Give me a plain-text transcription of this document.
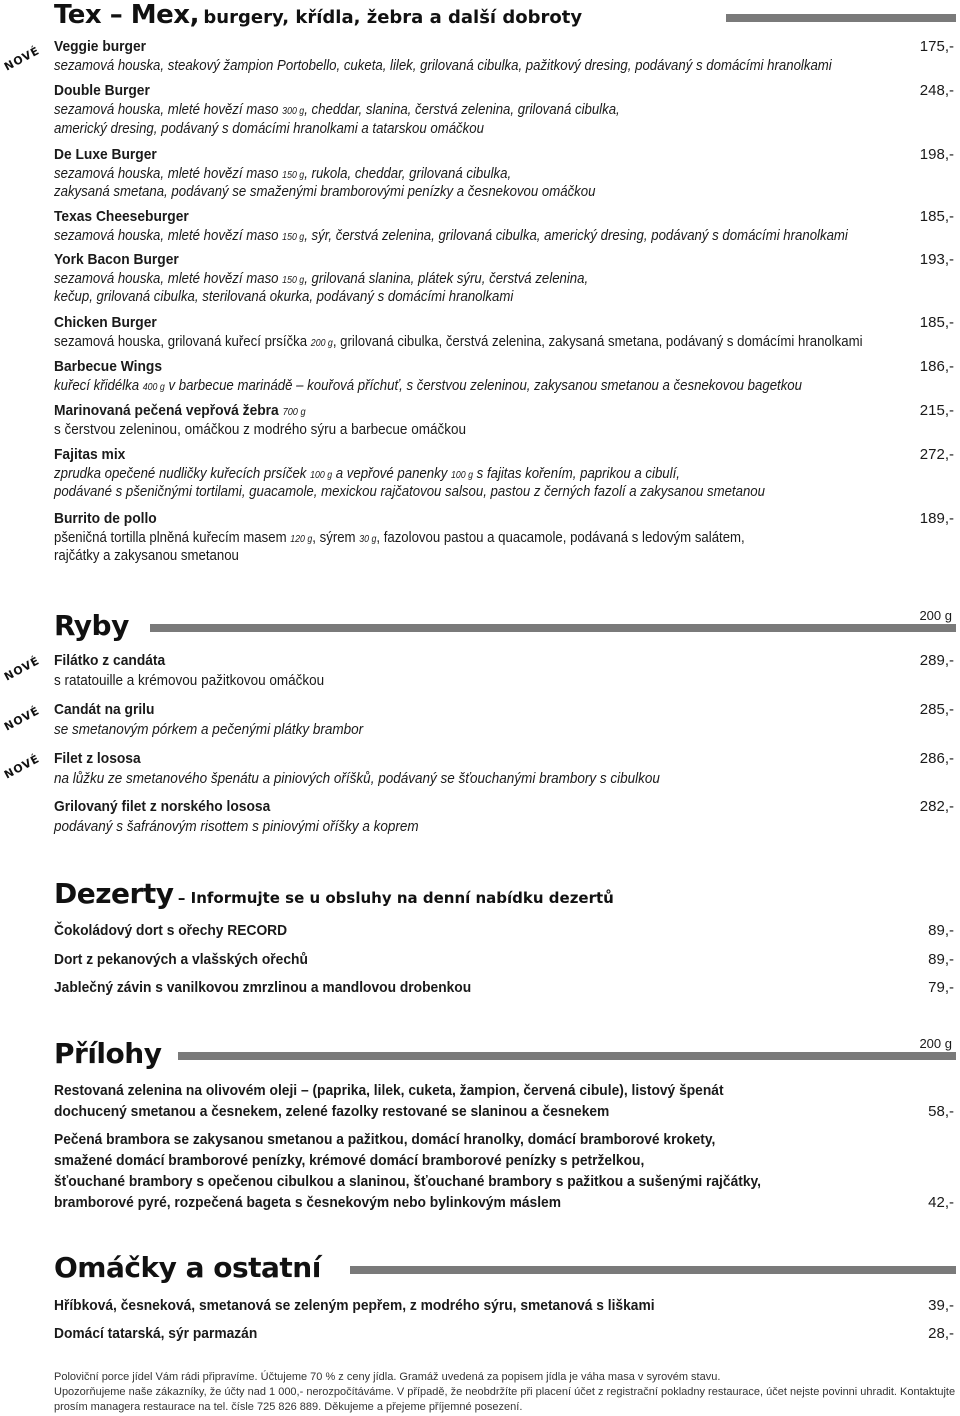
Tex – Mex, burgery, křídla, žebra a další dobroty
NOVÉ Veggie burger	175,-
sezamová houska, steakový žampion Portobello, cuketa, lilek, grilovaná cibulka, pažitkový dresing, podávaný s domácími hranolkami
Double Burger	248,-
sezamová houska, mleté hovězí maso 300 g, cheddar, slanina, čerstvá zelenina, grilovaná cibulka,
americký dresing, podávaný s domácími hranolkami a tatarskou omáčkou
De Luxe Burger	198,-
sezamová houska, mleté hovězí maso 150 g, rukola, cheddar, grilovaná cibulka,
zakysaná smetana, podávaný se smaženými bramborovými penízky a česnekovou omáčkou
Texas Cheeseburger	185,-
sezamová houska, mleté hovězí maso 150 g, sýr, čerstvá zelenina, grilovaná cibulka, americký dresing, podávaný s domácími hranolkami
York Bacon Burger	193,-
sezamová houska, mleté hovězí maso 150 g, grilovaná slanina, plátek sýru, čerstvá zelenina,
kečup, grilovaná cibulka, sterilovaná okurka, podávaný s domácími hranolkami
Chicken Burger	185,-
sezamová houska, grilovaná kuřecí prsíčka 200 g, grilovaná cibulka, čerstvá zelenina, zakysaná smetana, podávaný s domácími hranolkami
Barbecue Wings	186,-
kuřecí křidélka 400 g v barbecue marinádě – kouřová příchuť, s čerstvou zeleninou, zakysanou smetanou a česnekovou bagetkou
Marinovaná pečená vepřová žebra 700 g	215,-
s čerstvou zeleninou, omáčkou z modrého sýru a barbecue omáčkou
Fajitas mix	272,-
zprudka opečené nudličky kuřecích prsíček 100 g a vepřové panenky 100 g s fajitas kořením, paprikou a cibulí,
podávané s pšeničnými tortilami, guacamole, mexickou rajčatovou salsou, pastou z černých fazolí a zakysanou smetanou
Burrito de pollo	189,-
pšeničná tortilla plněná kuřecím masem 120 g, sýrem 30 g, fazolovou pastou a quacamole, podávaná s ledovým salátem,
rajčátky a zakysanou smetanou
Ryby	200 g
NOVÉ
NOVÉ
NOVÉ
Filátko z candáta	289,-
s ratatouille a krémovou pažitkovou omáčkou
Candát na grilu	285,-
se smetanovým pórkem a pečenými plátky brambor
Filet z lososa	286,-
na lůžku ze smetanového špenátu a piniových oříšků, podávaný se šťouchanými brambory s cibulkou
Grilovaný filet z norského lososa	282,-
podávaný s šafránovým risottem s piniovými oříšky a koprem
Dezerty – Informujte se u obsluhy na denní nabídku dezertů
Čokoládový dort s ořechy RECORD	89,-
Dort z pekanových a vlašských ořechů	89,-
Jablečný závin s vanilkovou zmrzlinou a mandlovou drobenkou	79,-
Přílohy	200 g
Restovaná zelenina na olivovém oleji – (paprika, lilek, cuketa, žampion, červená cibule), listový špenát
dochucený smetanou a česnekem, zelené fazolky restované se slaninou a česnekem	58,-
Pečená brambora se zakysanou smetanou a pažitkou, domácí hranolky, domácí bramborové krokety,
smažené domácí bramborové penízky, krémové domácí bramborové penízky s petrželkou,
šťouchané brambory s opečenou cibulkou a slaninou, šťouchané brambory s pažitkou a sušenými rajčátky,
bramborové pyré, rozpečená bageta s česnekovým nebo bylinkovým máslem	42,-
Omáčky a ostatní
Hříbková, česneková, smetanová se zeleným pepřem, z modrého sýru, smetanová s liškami	39,-
Domácí tatarská, sýr parmazán	28,-
Poloviční porce jídel Vám rádi připravíme. Účtujeme 70 % z ceny jídla. Gramáž uvedená za popisem jídla je váha masa v syrovém stavu.
Upozorňujeme naše zákazníky, že účty nad 1 000,- nerozpočítáváme. V případě, že neobdržíte při placení účet z registrační pokladny restaurace, účet nejste povinni uhradit. Kontaktujte
prosím managera restaurace na tel. čísle 725 826 889. Děkujeme a přejeme příjemné posezení.
